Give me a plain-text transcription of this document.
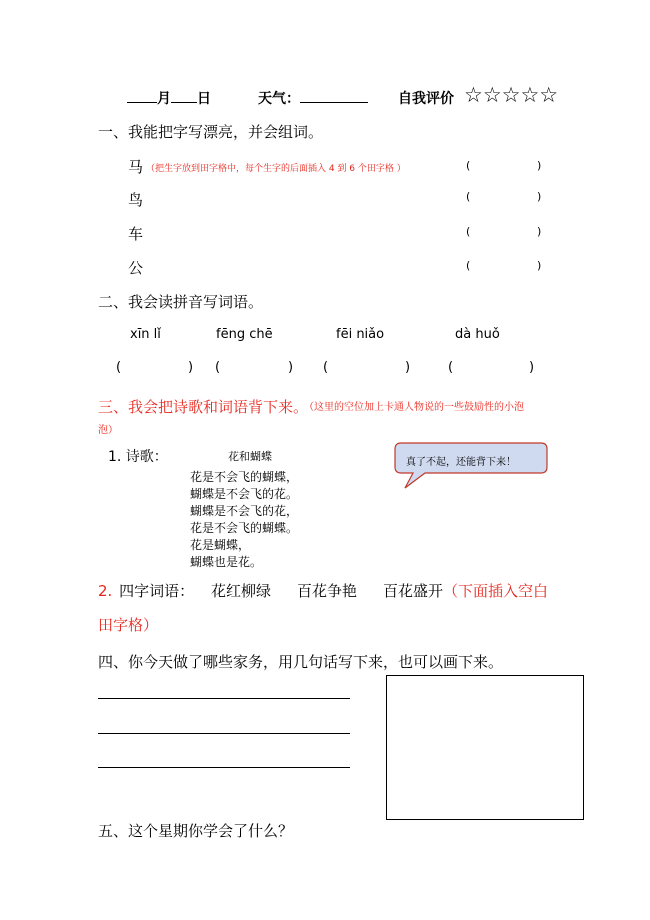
月 日	天气：	自我评价 ☆☆☆☆☆
一、我能把字写漂亮，并会组词。
马 （把生字放到田字格中，每个生字的后面插入 4 到 6 个田字格 ）	(	)
鸟	(	)
车	(	)
公	(	)
二、我会读拼音写词语。
xīn lǐ	fēng chē	fēi niǎo	dà huǒ
(	) (	) (	)	(	)
三、我会把诗歌和词语背下来。
（这里的空位加上卡通人物说的一些鼓励性的小泡
泡）
1. 诗歌：	花和蝴蝶
花是不会飞的蝴蝶，
蝴蝶是不会飞的花。
蝴蝶是不会飞的花，
花是不会飞的蝴蝶。
花是蝴蝶，
蝴蝶也是花。
真了不起，还能背下来！
2. 四字词语： 花红柳绿 百花争艳 百花盛开 （下面插入空白
田字格）
四、你今天做了哪些家务，用几句话写下来，也可以画下来。
五、这个星期你学会了什么？
